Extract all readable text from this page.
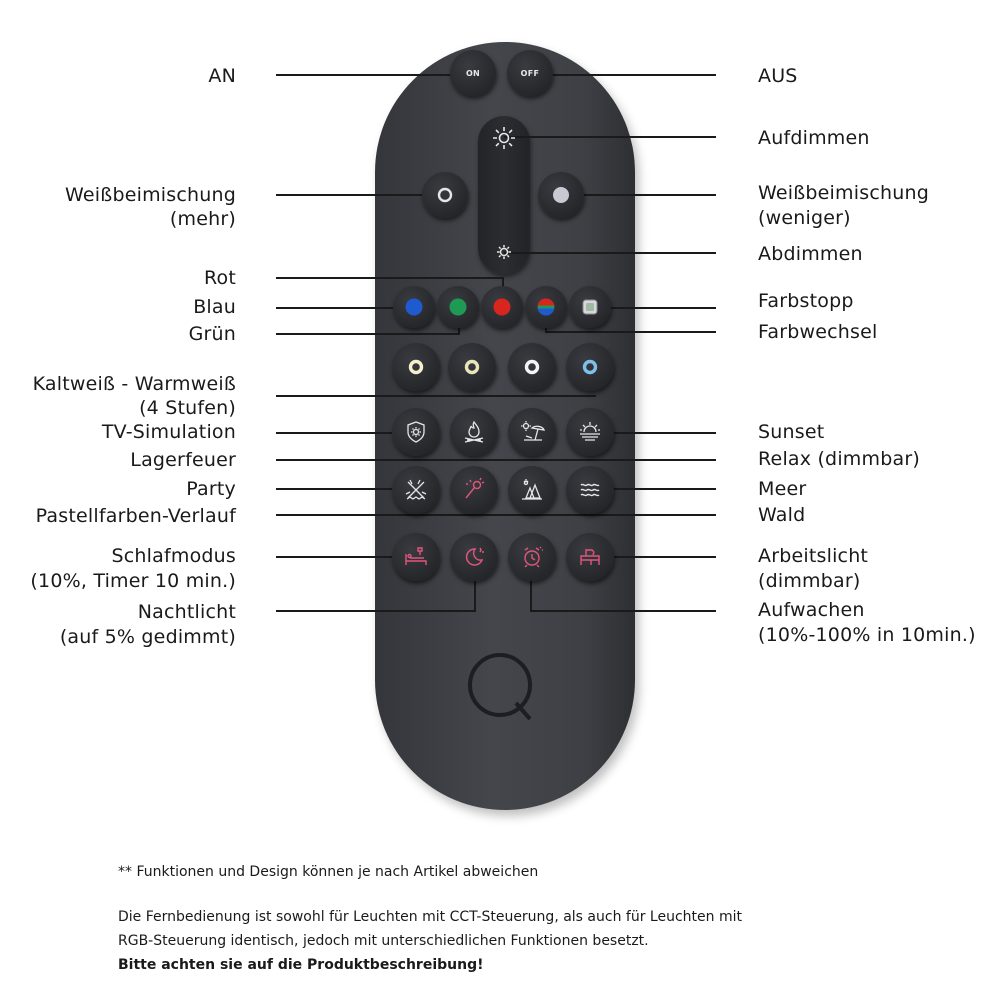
ON	OFF
AN
Weißbeimischung
(mehr)
Rot
Blau
Grün
Kaltweiß - Warmweiß
(4 Stufen)
TV-Simulation
Lagerfeuer
Party
Pastellfarben-Verlauf
Schlafmodus
(10%, Timer 10 min.)
Nachtlicht
(auf 5% gedimmt)
AUS
Aufdimmen
Weißbeimischung
(weniger)
Abdimmen
Farbstopp
Farbwechsel
Sunset
Relax (dimmbar)
Meer
Wald
Arbeitslicht
(dimmbar)
Aufwachen
(10%-100% in 10min.)
** Funktionen und Design können je nach Artikel abweichen
Die Fernbedienung ist sowohl für Leuchten mit CCT-Steuerung, als auch für Leuchten mit
RGB-Steuerung identisch, jedoch mit unterschiedlichen Funktionen besetzt.
Bitte achten sie auf die Produktbeschreibung!
